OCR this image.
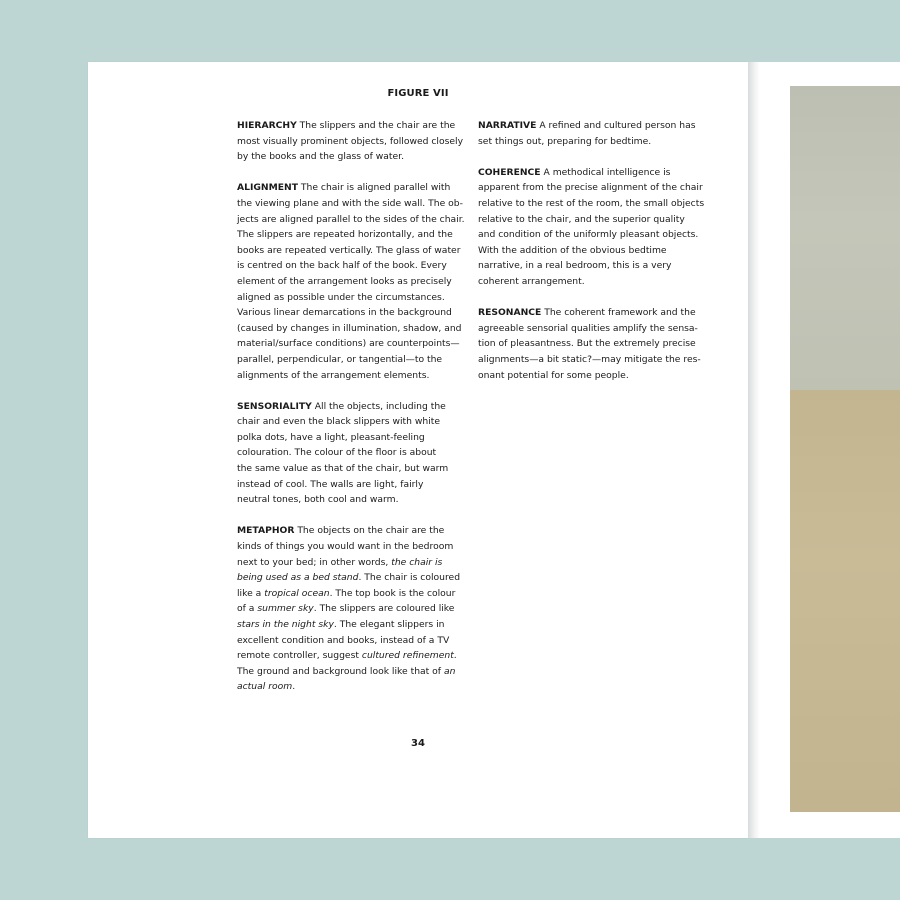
FIGURE VII
HIERARCHY The slippers and the chair are the
most visually prominent objects, followed closely
by the books and the glass of water.
ALIGNMENT The chair is aligned parallel with
the viewing plane and with the side wall. The ob-
jects are aligned parallel to the sides of the chair.
The slippers are repeated horizontally, and the
books are repeated vertically. The glass of water
is centred on the back half of the book. Every
element of the arrangement looks as precisely
aligned as possible under the circumstances.
Various linear demarcations in the background
(caused by changes in illumination, shadow, and
material/surface conditions) are counterpoints—
parallel, perpendicular, or tangential—to the
alignments of the arrangement elements.
SENSORIALITY All the objects, including the
chair and even the black slippers with white
polka dots, have a light, pleasant-feeling
colouration. The colour of the floor is about
the same value as that of the chair, but warm
instead of cool. The walls are light, fairly
neutral tones, both cool and warm.
METAPHOR The objects on the chair are the
kinds of things you would want in the bedroom
next to your bed; in other words, the chair is
being used as a bed stand. The chair is coloured
like a tropical ocean. The top book is the colour
of a summer sky. The slippers are coloured like
stars in the night sky. The elegant slippers in
excellent condition and books, instead of a TV
remote controller, suggest cultured refinement.
The ground and background look like that of an
actual room.
NARRATIVE A refined and cultured person has
set things out, preparing for bedtime.
COHERENCE A methodical intelligence is
apparent from the precise alignment of the chair
relative to the rest of the room, the small objects
relative to the chair, and the superior quality
and condition of the uniformly pleasant objects.
With the addition of the obvious bedtime
narrative, in a real bedroom, this is a very
coherent arrangement.
RESONANCE The coherent framework and the
agreeable sensorial qualities amplify the sensa-
tion of pleasantness. But the extremely precise
alignments—a bit static?—may mitigate the res-
onant potential for some people.
34
